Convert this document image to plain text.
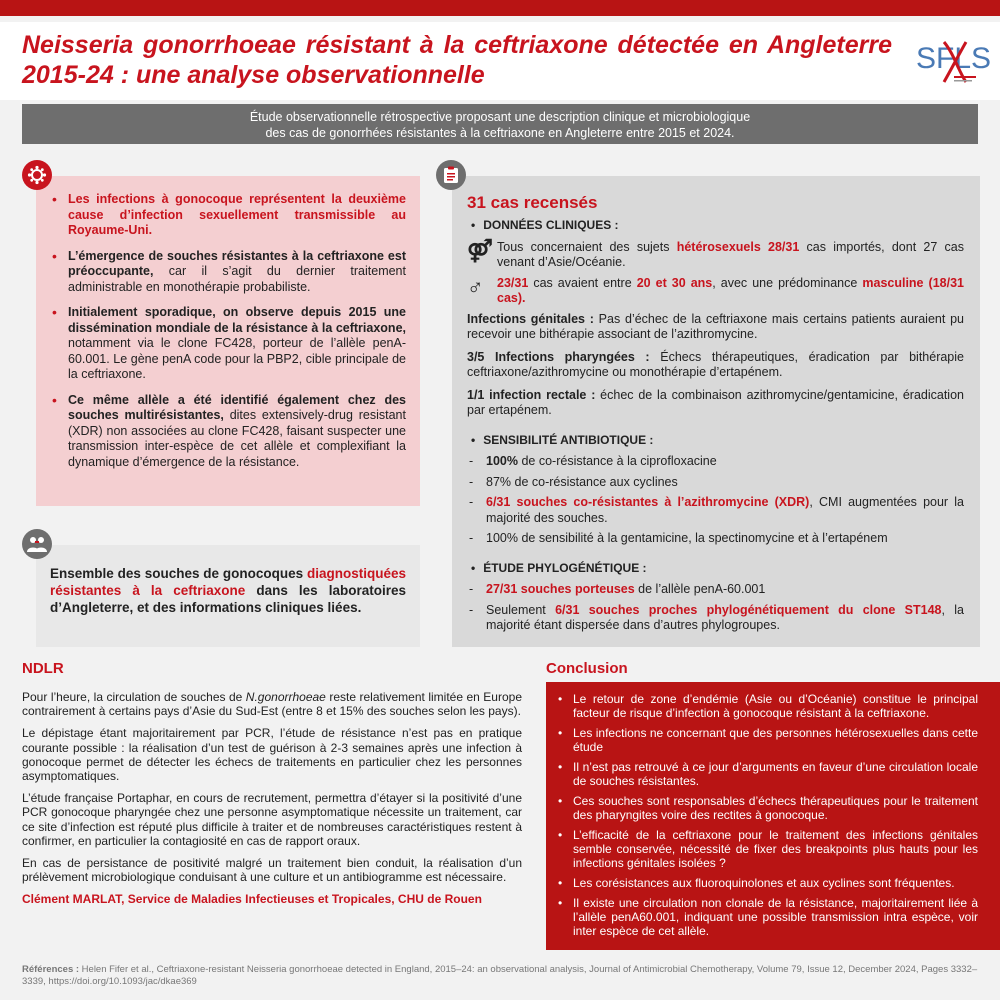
Neisseria gonorrhoeae résistant à la ceftriaxone détectée en Angleterre 2015-24 : une analyse observationnelle	SFLS
Étude observationnelle rétrospective proposant une description clinique et microbiologique
des cas de gonorrhées résistantes à la ceftriaxone en Angleterre entre 2015 et 2024.
• Les infections à gonocoque représentent la deuxième cause d’infection sexuellement transmissible au Royaume-Uni.
• L’émergence de souches résistantes à la ceftriaxone est préoccupante, car il s’agit du dernier traitement administrable en monothérapie probabiliste.
• Initialement sporadique, on observe depuis 2015 une dissémination mondiale de la résistance à la ceftriaxone, notamment via le clone FC428, porteur de l’allèle penA-60.001. Le gène penA code pour la PBP2, cible principale de la ceftriaxone.
• Ce même allèle a été identifié également chez des souches multirésistantes, dites extensively-drug resistant (XDR) non associées au clone FC428, faisant suspecter une transmission inter-espèce de cet allèle et complexifiant la dynamique d’émergence de la résistance.
Ensemble des souches de gonocoques diagnostiquées résistantes à la ceftriaxone dans les laboratoires d’Angleterre, et des informations cliniques liées.
31 cas recensés
• DONNÉES CLINIQUES :
⚤ Tous concernaient des sujets hétérosexuels 28/31 cas importés, dont 27 cas venant d’Asie/Océanie.
♂	23/31 cas avaient entre 20 et 30 ans, avec une prédominance masculine (18/31 cas).

Infections génitales : Pas d’échec de la ceftriaxone mais certains patients auraient pu recevoir une bithérapie associant de l’azithromycine.

3/5 Infections pharyngées : Échecs thérapeutiques, éradication par bithérapie ceftriaxone/azithromycine ou monothérapie d’ertapénem.

1/1 infection rectale : échec de la combinaison azithromycine/gentamicine, éradication par ertapénem.

• SENSIBILITÉ ANTIBIOTIQUE :
- 100% de co-résistance à la ciprofloxacine
- 87% de co-résistance aux cyclines
- 6/31 souches co-résistantes à l’azithromycine (XDR), CMI augmentées pour la majorité des souches.
- 100% de sensibilité à la gentamicine, la spectinomycine et à l’ertapénem
• ÉTUDE PHYLOGÉNÉTIQUE :
- 27/31 souches porteuses de l’allèle penA-60.001
- Seulement 6/31 souches proches phylogénétiquement du clone ST148, la majorité étant dispersée dans d’autres phylogroupes.
NDLR

Pour l’heure, la circulation de souches de N.gonorrhoeae reste relativement limitée en Europe contrairement à certains pays d’Asie du Sud-Est (entre 8 et 15% des souches selon les pays).

Le dépistage étant majoritairement par PCR, l’étude de résistance n’est pas en pratique courante possible : la réalisation d’un test de guérison à 2-3 semaines après une infection à gonocoque permet de détecter les échecs de traitements en particulier chez les personnes asymptomatiques.

L’étude française Portaphar, en cours de recrutement, permettra d’étayer si la positivité d’une PCR gonocoque pharyngée chez une personne asymptomatique nécessite un traitement, car ce site d’infection est réputé plus difficile à traiter et de nombreuses caractéristiques restent à confirmer, en particulier la contagiosité en cas de rapport oraux.

En cas de persistance de positivité malgré un traitement bien conduit, la réalisation d’un prélèvement microbiologique conduisant à une culture et un antibiogramme est nécessaire.

Clément MARLAT, Service de Maladies Infectieuses et Tropicales, CHU de Rouen

Conclusion
• Le retour de zone d’endémie (Asie ou d’Océanie) constitue le principal facteur de risque d’infection à gonocoque résistant à la ceftriaxone.
• Les infections ne concernant que des personnes hétérosexuelles dans cette étude
• Il n’est pas retrouvé à ce jour d’arguments en faveur d’une circulation locale de souches résistantes.
• Ces souches sont responsables d’échecs thérapeutiques pour le traitement des pharyngites voire des rectites à gonocoque.
• L’efficacité de la ceftriaxone pour le traitement des infections génitales semble conservée, nécessité de fixer des breakpoints plus hauts pour les infections génitales isolées ?
• Les corésistances aux fluoroquinolones et aux cyclines sont fréquentes.
• Il existe une circulation non clonale de la résistance, majoritairement liée à l’allèle penA60.001, indiquant une possible transmission intra espèce, voir inter espèce de cet allèle.
Références : Helen Fifer et al., Ceftriaxone-resistant Neisseria gonorrhoeae detected in England, 2015–24: an observational analysis, Journal of Antimicrobial Chemotherapy, Volume 79, Issue 12, December 2024, Pages 3332–3339, https://doi.org/10.1093/jac/dkae369
